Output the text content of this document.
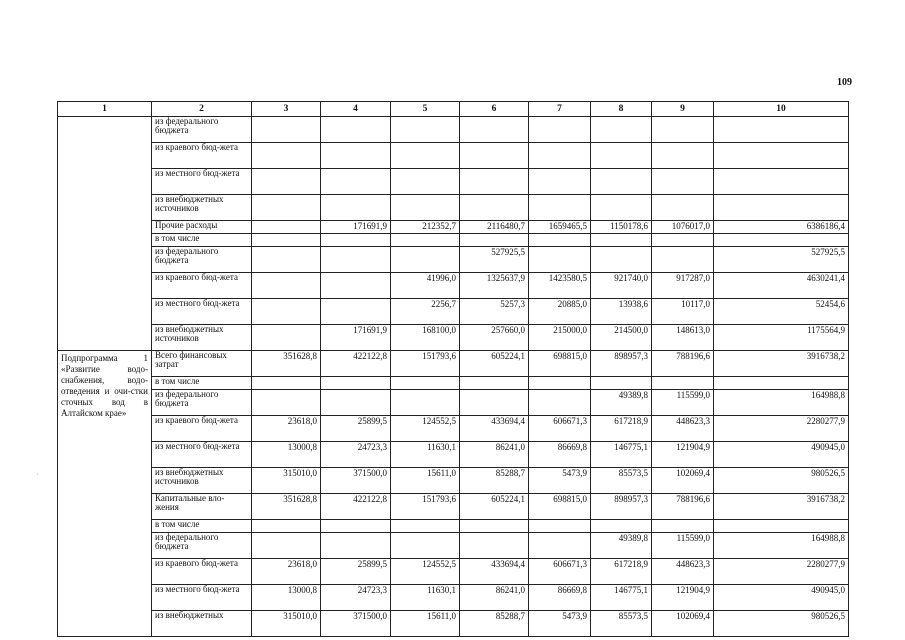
109
·
1	2	3	4	5	6	7	8	9	10
	из федерального бюджета								
	из краевого бюд-жета								
	из местного бюд-жета								
	из внебюджетных источников								
	Прочие расходы		171691,9	212352,7	2116480,7	1659465,5	1150178,6	1076017,0	6386186,4
	в том числе								
	из федерального бюджета				527925,5				527925,5
	из краевого бюд-жета			41996,0	1325637,9	1423580,5	921740,0	917287,0	4630241,4
	из местного бюд-жета			2256,7	5257,3	20885,0	13938,6	10117,0	52454,6
	из внебюджетных источников		171691,9	168100,0	257660,0	215000,0	214500,0	148613,0	1175564,9
Подпрограмма 1 «Развитие водо-снабжения, водо-отведения и очи-стки сточных вод в Алтайском крае»	Всего финансовых затрат	351628,8	422122,8	151793,6	605224,1	698815,0	898957,3	788196,6	3916738,2
	в том числе								
	из федерального бюджета						49389,8	115599,0	164988,8
	из краевого бюд-жета	23618,0	25899,5	124552,5	433694,4	606671,3	617218,9	448623,3	2280277,9
	из местного бюд-жета	13000,8	24723,3	11630,1	86241,0	86669,8	146775,1	121904,9	490945,0
	из внебюджетных источников	315010,0	371500,0	15611,0	85288,7	5473,9	85573,5	102069,4	980526,5
	Капитальные вло-жения	351628,8	422122,8	151793,6	605224,1	698815,0	898957,3	788196,6	3916738,2
	в том числе								
	из федерального бюджета						49389,8	115599,0	164988,8
	из краевого бюд-жета	23618,0	25899,5	124552,5	433694,4	606671,3	617218,9	448623,3	2280277,9
	из местного бюд-жета	13000,8	24723,3	11630,1	86241,0	86669,8	146775,1	121904,9	490945,0
	из внебюджетных	315010,0	371500,0	15611,0	85288,7	5473,9	85573,5	102069,4	980526,5
